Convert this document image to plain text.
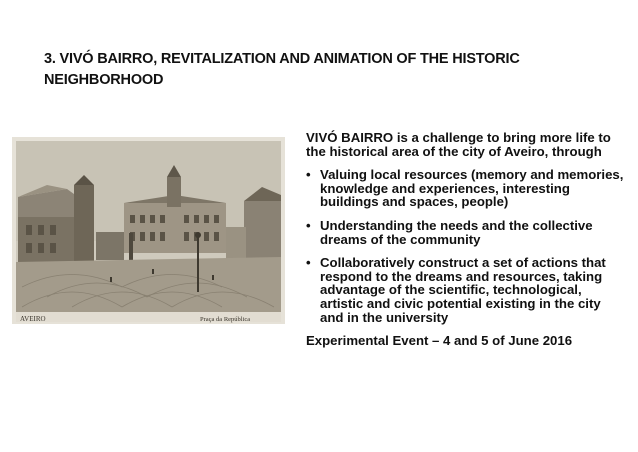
3. VIVÓ BAIRRO, REVITALIZATION AND ANIMATION OF THE HISTORIC NEIGHBORHOOD
AVEIRO	Praça da República

VIVÓ BAIRRO is a challenge to bring more life to the historical area of the city of Aveiro, through

• Valuing local resources (memory and memories, knowledge and experiences, interesting buildings and spaces, people)
• Understanding the needs and the collective dreams of the community
• Collaboratively construct a set of actions that respond to the dreams and resources, taking advantage of the scientific, technological, artistic and civic potential existing in the city and in the university

Experimental Event – 4 and 5 of June 2016
